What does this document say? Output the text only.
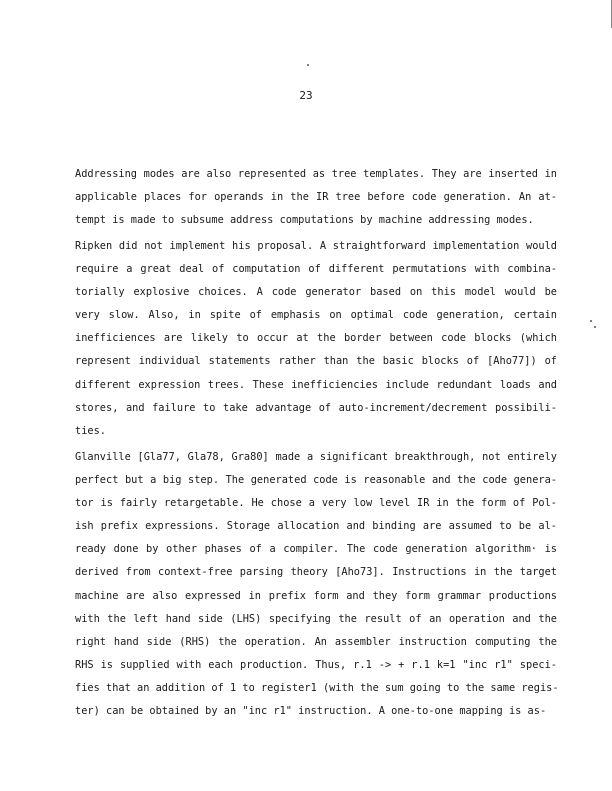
23
Addressing modes are also represented as tree templates. They are inserted in
applicable places for operands in the IR tree before code generation. An at-
tempt is made to subsume address computations by machine addressing modes.
Ripken did not implement his proposal. A straightforward implementation would
require a great deal of computation of different permutations with combina-
torially explosive choices. A code generator based on this model would be
very slow. Also, in spite of emphasis on optimal code generation, certain
inefficiences are likely to occur at the border between code blocks (which
represent individual statements rather than the basic blocks of [Aho77]) of
different expression trees. These inefficiencies include redundant loads and
stores, and failure to take advantage of auto-increment/decrement possibili-
ties.
Glanville [Gla77, Gla78, Gra80] made a significant breakthrough, not entirely
perfect but a big step. The generated code is reasonable and the code genera-
tor is fairly retargetable. He chose a very low level IR in the form of Pol-
ish prefix expressions. Storage allocation and binding are assumed to be al-
ready done by other phases of a compiler. The code generation algorithm· is
derived from context-free parsing theory [Aho73]. Instructions in the target
machine are also expressed in prefix form and they form grammar productions
with the left hand side (LHS) specifying the result of an operation and the
right hand side (RHS) the operation. An assembler instruction computing the
RHS is supplied with each production. Thus, r.1 -> + r.1 k=1 "inc r1" speci-
fies that an addition of 1 to register1 (with the sum going to the same regis-
ter) can be obtained by an "inc r1" instruction. A one-to-one mapping is as-
